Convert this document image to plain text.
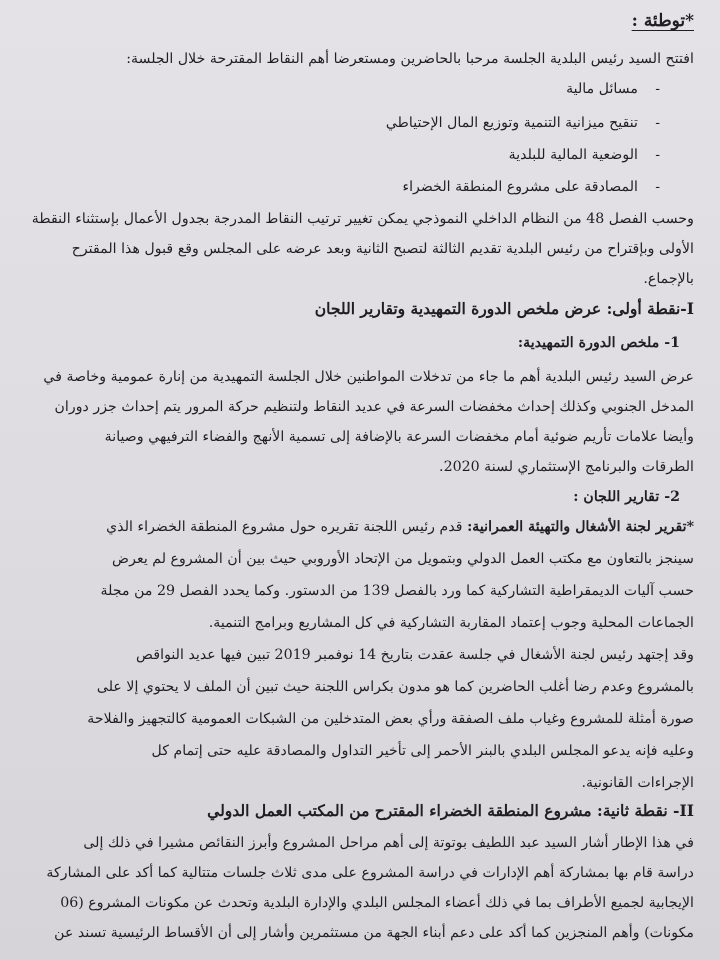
*توطئة :
افتتح السيد رئيس البلدية الجلسة مرحبا بالحاضرين ومستعرضا أهم النقاط المقترحة خلال الجلسة:
- مسائل مالية
- تنقيح ميزانية التنمية وتوزيع المال الإحتياطي
- الوضعية المالية للبلدية
- المصادقة على مشروع المنطقة الخضراء
وحسب الفصل 48 من النظام الداخلي النموذجي يمكن تغيير ترتيب النقاط المدرجة بجدول الأعمال بإستثناء النقطة
الأولى وبإقتراح من رئيس البلدية تقديم الثالثة لتصبح الثانية وبعد عرضه على المجلس وقع قبول هذا المقترح
بالإجماع.
I-نقطة أولى: عرض ملخص الدورة التمهيدية وتقارير اللجان
1- ملخص الدورة التمهيدية:
عرض السيد رئيس البلدية أهم ما جاء من تدخلات المواطنين خلال الجلسة التمهيدية من إنارة عمومية وخاصة في
المدخل الجنوبي وكذلك إحداث مخفضات السرعة في عديد النقاط ولتنظيم حركة المرور يتم إحداث جزر دوران
وأيضا علامات تأريم ضوئية أمام مخفضات السرعة بالإضافة إلى تسمية الأنهج والفضاء الترفيهي وصيانة
الطرقات والبرنامج الإستثماري لسنة 2020.
2- تقارير اللجان :
*تقرير لجنة الأشغال والتهيئة العمرانية: قدم رئيس اللجنة تقريره حول مشروع المنطقة الخضراء الذي
سينجز بالتعاون مع مكتب العمل الدولي وبتمويل من الإتحاد الأوروبي حيث بين أن المشروع لم يعرض
حسب آليات الديمقراطية التشاركية كما ورد بالفصل 139 من الدستور. وكما يحدد الفصل 29 من مجلة
الجماعات المحلية وجوب إعتماد المقاربة التشاركية في كل المشاريع وبرامج التنمية.
وقد إجتهد رئيس لجنة الأشغال في جلسة عقدت بتاريخ 14 نوفمبر 2019 تبين فيها عديد النواقص
بالمشروع وعدم رضا أغلب الحاضرين كما هو مدون بكراس اللجنة حيث تبين أن الملف لا يحتوي إلا على
صورة أمثلة للمشروع وغياب ملف الصفقة ورأي بعض المتدخلين من الشبكات العمومية كالتجهيز والفلاحة
وعليه فإنه يدعو المجلس البلدي بالبنر الأحمر إلى تأخير التداول والمصادقة عليه حتى إتمام كل
الإجراءات القانونية.
II- نقطة ثانية: مشروع المنطقة الخضراء المقترح من المكتب العمل الدولي
في هذا الإطار أشار السيد عبد اللطيف بوتوتة إلى أهم مراحل المشروع وأبرز النقائص مشيرا في ذلك إلى
دراسة قام بها بمشاركة أهم الإدارات في دراسة المشروع على مدى ثلاث جلسات متتالية كما أكد على المشاركة
الإيجابية لجميع الأطراف بما في ذلك أعضاء المجلس البلدي والإدارة البلدية وتحدث عن مكونات المشروع (06
مكونات) وأهم المنجزين كما أكد على دعم أبناء الجهة من مستثمرين وأشار إلى أن الأقساط الرئيسية تسند عن
